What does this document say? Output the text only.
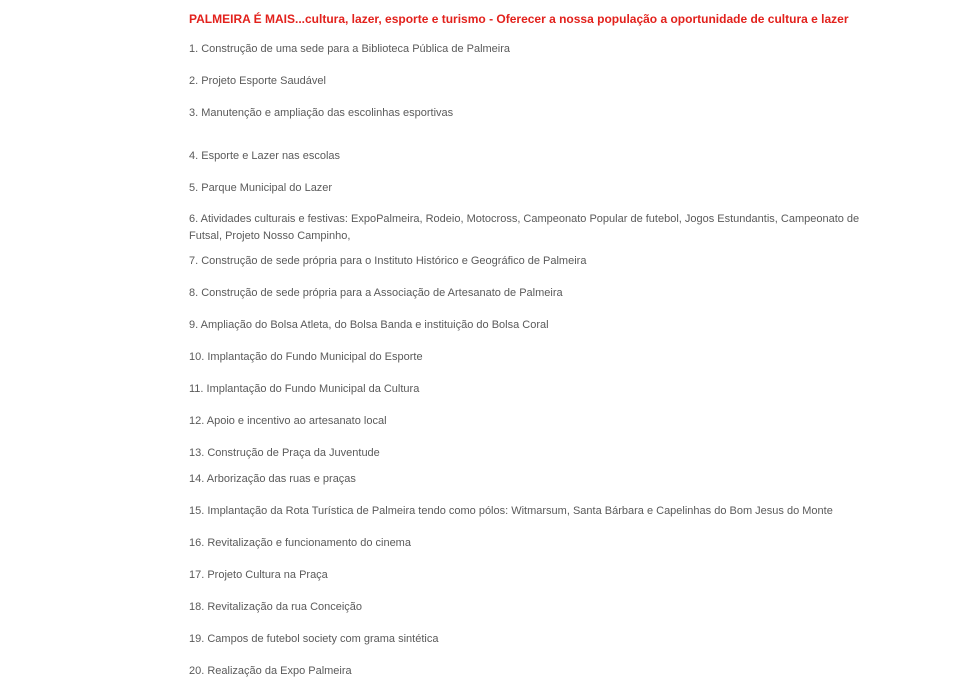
PALMEIRA É MAIS...cultura, lazer, esporte e turismo - Oferecer a nossa população a oportunidade de cultura e lazer
1. Construção de uma sede para a Biblioteca Pública de Palmeira
2. Projeto Esporte Saudável
3. Manutenção e ampliação das escolinhas esportivas
4. Esporte e Lazer nas escolas
5. Parque Municipal do Lazer
6. Atividades culturais e festivas: ExpoPalmeira, Rodeio, Motocross, Campeonato Popular de futebol, Jogos Estundantis, Campeonato de Futsal, Projeto Nosso Campinho,
7. Construção de sede própria para o Instituto Histórico e Geográfico de Palmeira
8. Construção de sede própria para a Associação de Artesanato de Palmeira
9. Ampliação do Bolsa Atleta, do Bolsa Banda e instituição do Bolsa Coral
10. Implantação do Fundo Municipal do Esporte
11. Implantação do Fundo Municipal da Cultura
12. Apoio e incentivo ao artesanato local
13. Construção de Praça da Juventude
14. Arborização das ruas e praças
15. Implantação da Rota Turística de Palmeira tendo como pólos: Witmarsum, Santa Bárbara e Capelinhas do Bom Jesus do Monte
16. Revitalização e funcionamento do cinema
17. Projeto Cultura na Praça
18. Revitalização da rua Conceição
19. Campos de futebol society com grama sintética
20. Realização da Expo Palmeira
